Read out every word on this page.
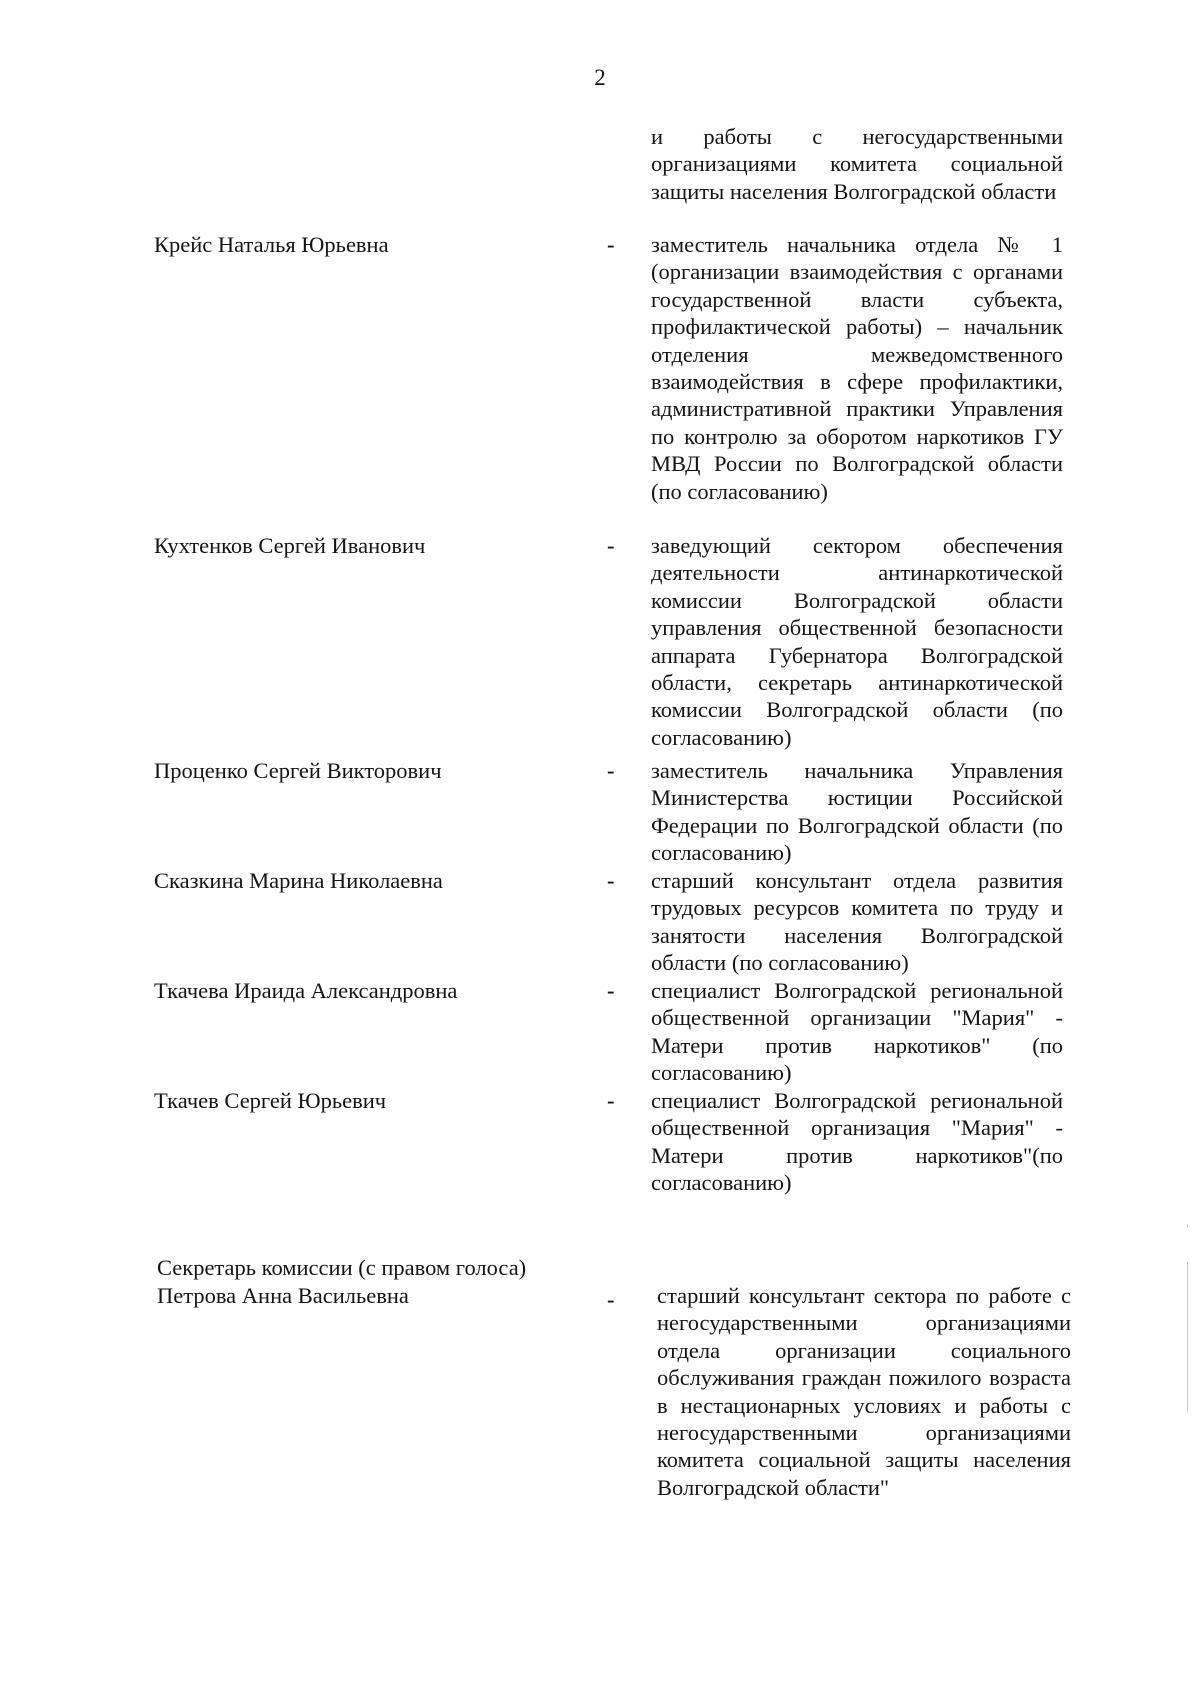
2
и работы с негосударственными организациями комитета социальной защиты населения Волгоградской области
Крейс Наталья Юрьевна	- заместитель начальника отдела № 1 (организации взаимодействия с органами государственной власти субъекта, профилактической работы) – начальник отделения межведомственного взаимодействия в сфере профилактики, административной практики Управления по контролю за оборотом наркотиков ГУ МВД России по Волгоградской области (по согласованию)
Кухтенков Сергей Иванович	- заведующий сектором обеспечения деятельности антинаркотической комиссии Волгоградской области управления общественной безопасности аппарата Губернатора Волгоградской области, секретарь антинаркотической комиссии Волгоградской области (по согласованию)
Проценко Сергей Викторович	- заместитель начальника Управления Министерства юстиции Российской Федерации по Волгоградской области (по согласованию)
Сказкина Марина Николаевна	- старший консультант отдела развития трудовых ресурсов комитета по труду и занятости населения Волгоградской области (по согласованию)
Ткачева Ираида Александровна	- специалист Волгоградской региональной общественной организации "Мария" - Матери против наркотиков" (по согласованию)
Ткачев Сергей Юрьевич	- специалист Волгоградской региональной общественной организация "Мария" - Матери против наркотиков"(по согласованию)
Секретарь комиссии (с правом голоса)
Петрова Анна Васильевна	- старший консультант сектора по работе с негосударственными организациями отдела организации социального обслуживания граждан пожилого возраста в нестационарных условиях и работы с негосударственными организациями комитета социальной защиты населения Волгоградской области"
